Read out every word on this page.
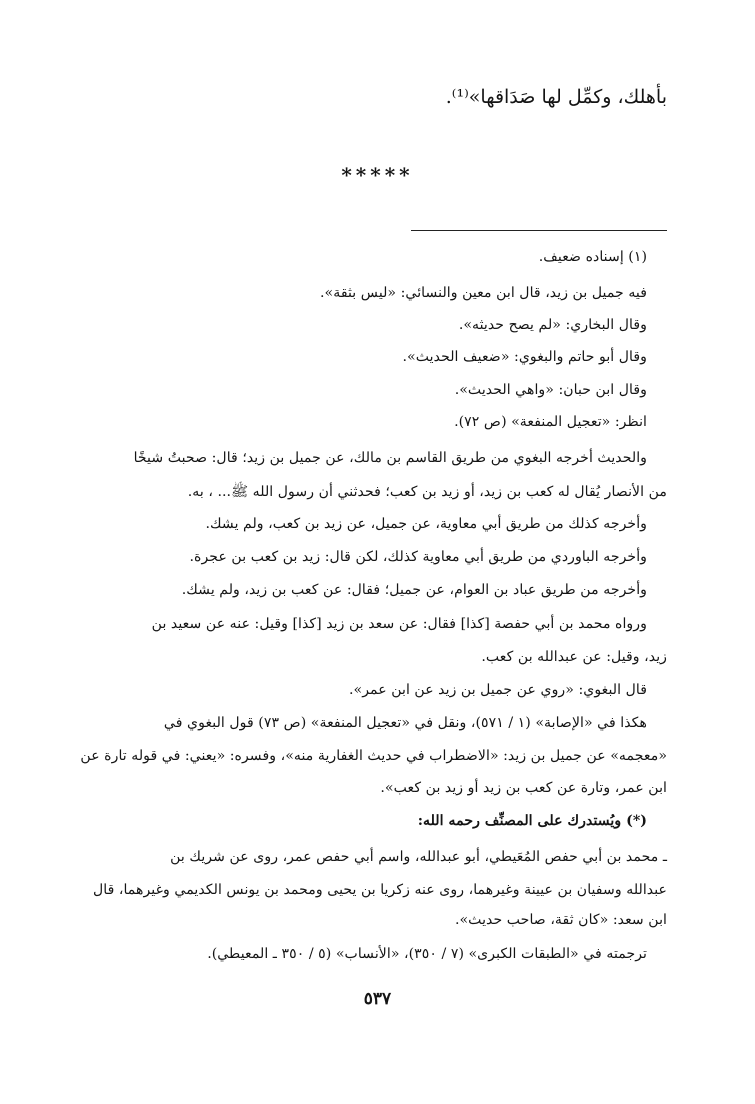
بأهلك، وكمِّل لها صَدَاقها»⁽¹⁾.
*****
(١) إسناده ضعيف.
فيه جميل بن زيد، قال ابن معين والنسائي: «ليس بثقة».
وقال البخاري: «لم يصح حديثه».
وقال أبو حاتم والبغوي: «ضعيف الحديث».
وقال ابن حبان: «واهي الحديث».
انظر: «تعجيل المنفعة» (ص ٧٢).
والحديث أخرجه البغوي من طريق القاسم بن مالك، عن جميل بن زيد؛ قال: صحبتُ شيخًا
من الأنصار يُقال له كعب بن زيد، أو زيد بن كعب؛ فحدثني أن رسول الله ﷺ... ، به.
وأخرجه كذلك من طريق أبي معاوية، عن جميل، عن زيد بن كعب، ولم يشك.
وأخرجه الباوردي من طريق أبي معاوية كذلك، لكن قال: زيد بن كعب بن عجرة.
وأخرجه من طريق عباد بن العوام، عن جميل؛ فقال: عن كعب بن زيد، ولم يشك.
ورواه محمد بن أبي حفصة [كذا] فقال: عن سعد بن زيد [كذا] وقيل: عنه عن سعيد بن
زيد، وقيل: عن عبدالله بن كعب.
قال البغوي: «روي عن جميل بن زيد عن ابن عمر».
هكذا في «الإصابة» (١ / ٥٧١)، ونقل في «تعجيل المنفعة» (ص ٧٣) قول البغوي في
«معجمه» عن جميل بن زيد: «الاضطراب في حديث الغفارية منه»، وفسره: «يعني: في قوله تارة عن
ابن عمر، وتارة عن كعب بن زيد أو زيد بن كعب».
(*) ويُستدرك على المصنِّف رحمه الله:
ـ محمد بن أبي حفص المُعَيطي، أبو عبدالله، واسم أبي حفص عمر، روى عن شريك بن
عبدالله وسفيان بن عيينة وغيرهما، روى عنه زكريا بن يحيى ومحمد بن يونس الكديمي وغيرهما، قال
ابن سعد: «كان ثقة، صاحب حديث».
ترجمته في «الطبقات الكبرى» (٧ / ٣٥٠)، «الأنساب» (٥ / ٣٥٠ ـ المعيطي).
٥٣٧
